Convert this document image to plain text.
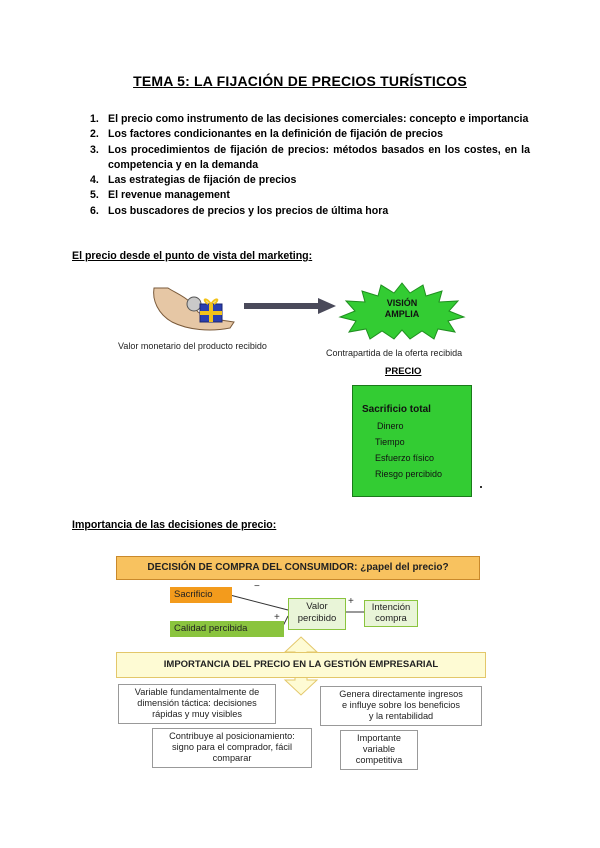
TEMA 5: LA FIJACIÓN DE PRECIOS TURÍSTICOS
1. El precio como instrumento de las decisiones comerciales: concepto e importancia
2. Los factores condicionantes en la definición de fijación de precios
3. Los procedimientos de fijación de precios: métodos basados en los costes, en la competencia y en la demanda
4. Las estrategias de fijación de precios
5. El revenue management
6. Los buscadores de precios y los precios de última hora
El precio desde el punto de vista del marketing:
VISIÓN
AMPLIA
Valor monetario del producto recibido
Contrapartida de la oferta recibida
PRECIO
Sacrificio total
Dinero
Tiempo
Esfuerzo físico
Riesgo percibido
Importancia de las decisiones de precio:
DECISIÓN DE COMPRA DEL CONSUMIDOR: ¿papel del precio?
Sacrificio
−
Calidad percibida
+
Valor
percibido
+
Intención
compra
IMPORTANCIA DEL PRECIO EN LA GESTIÓN EMPRESARIAL
Variable fundamentalmente de
dimensión táctica: decisiones
rápidas y muy visibles
Genera directamente ingresos
e influye sobre los beneficios
y la rentabilidad
Contribuye al posicionamiento:
signo para el comprador, fácil
comparar
Importante
variable
competitiva
